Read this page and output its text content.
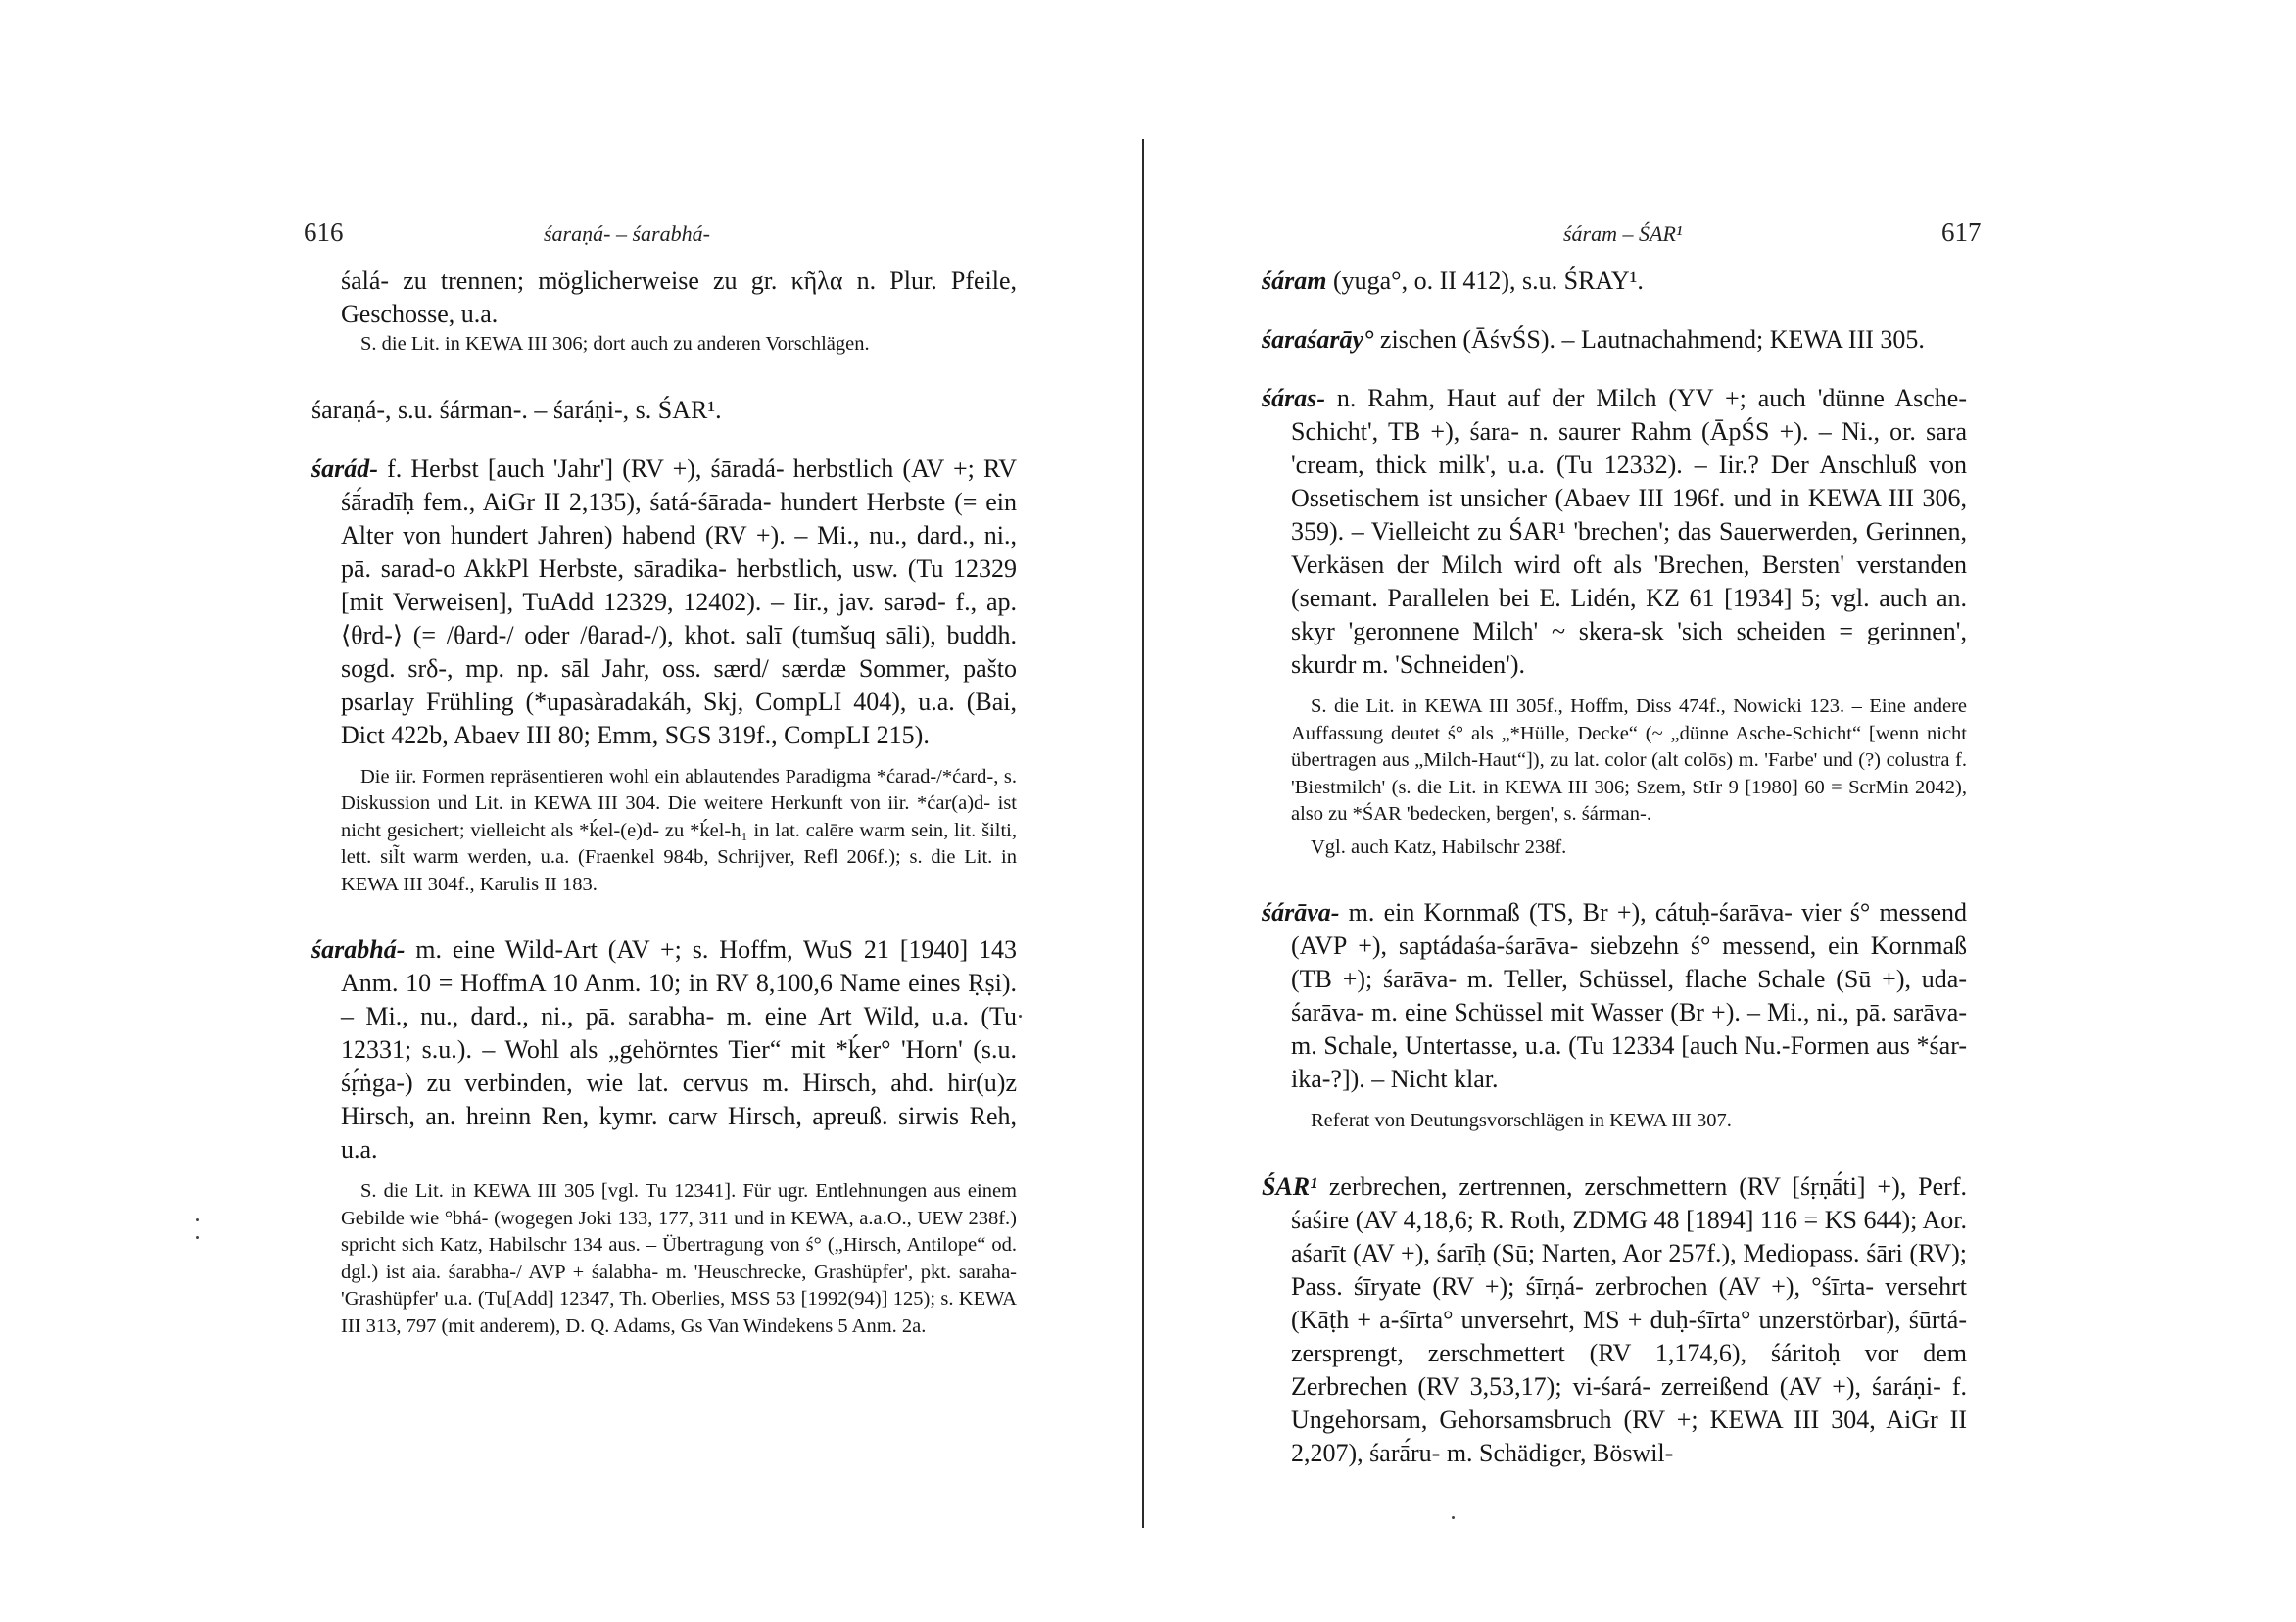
616	śaraṇá- – śarabhá-

śalá- zu trennen; möglicherweise zu gr. κῆλα n. Plur. Pfeile, Geschosse, u.a.

S. die Lit. in KEWA III 306; dort auch zu anderen Vorschlägen.

śaraṇá-, s.u. śárman-. – śaráṇi-, s. ŚAR¹.

śarád- f. Herbst [auch 'Jahr'] (RV +), śāradá- herbstlich (AV +; RV śā́radīḥ fem., AiGr II 2,135), śatá-śārada- hundert Herbste (= ein Alter von hundert Jahren) habend (RV +). – Mi., nu., dard., ni., pā. sarad-o AkkPl Herbste, sāradika- herbstlich, usw. (Tu 12329 [mit Verweisen], TuAdd 12329, 12402). – Iir., jav. sarəd- f., ap. ⟨θrd-⟩ (= /θard-/ oder /θarad-/), khot. salī (tumšuq sāli), buddh. sogd. srδ-, mp. np. sāl Jahr, oss. særd/ særdæ Sommer, pašto psarlay Frühling (*upasàradakáh, Skj, CompLI 404), u.a. (Bai, Dict 422b, Abaev III 80; Emm, SGS 319f., CompLI 215).

Die iir. Formen repräsentieren wohl ein ablautendes Paradigma *ćarad-/*ćard-, s. Diskussion und Lit. in KEWA III 304. Die weitere Herkunft von iir. *ćar(a)d- ist nicht gesichert; vielleicht als *ḱel-(e)d- zu *ḱel-h₁ in lat. calēre warm sein, lit. šilti, lett. sil̃t warm werden, u.a. (Fraenkel 984b, Schrijver, Refl 206f.); s. die Lit. in KEWA III 304f., Karulis II 183.

śarabhá- m. eine Wild-Art (AV +; s. Hoffm, WuS 21 [1940] 143 Anm. 10 = HoffmA 10 Anm. 10; in RV 8,100,6 Name eines Ṛṣi). – Mi., nu., dard., ni., pā. sarabha- m. eine Art Wild, u.a. (Tu 12331; s.u.). – Wohl als „gehörntes Tier“ mit *ḱer° 'Horn' (s.u. śṛ́ṅga-) zu verbinden, wie lat. cervus m. Hirsch, ahd. hir(u)z Hirsch, an. hreinn Ren, kymr. carw Hirsch, apreuß. sirwis Reh, u.a.

S. die Lit. in KEWA III 305 [vgl. Tu 12341]. Für ugr. Entlehnungen aus einem Gebilde wie °bhá- (wogegen Joki 133, 177, 311 und in KEWA, a.a.O., UEW 238f.) spricht sich Katz, Habilschr 134 aus. – Übertragung von ś° („Hirsch, Antilope“ od. dgl.) ist aia. śarabha-/ AVP + śalabha- m. 'Heuschrecke, Grashüpfer', pkt. saraha- 'Grashüpfer' u.a. (Tu[Add] 12347, Th. Oberlies, MSS 53 [1992(94)] 125); s. KEWA III 313, 797 (mit anderem), D. Q. Adams, Gs Van Windekens 5 Anm. 2a.

śáram – ŚAR¹	617

śáram (yuga°, o. II 412), s.u. ŚRAY¹.

śaraśarāy° zischen (ĀśvŚS). – Lautnachahmend; KEWA III 305.

śáras- n. Rahm, Haut auf der Milch (YV +; auch 'dünne Asche-Schicht', TB +), śara- n. saurer Rahm (ĀpŚS +). – Ni., or. sara 'cream, thick milk', u.a. (Tu 12332). – Iir.? Der Anschluß von Ossetischem ist unsicher (Abaev III 196f. und in KEWA III 306, 359). – Vielleicht zu ŚAR¹ 'brechen'; das Sauerwerden, Gerinnen, Verkäsen der Milch wird oft als 'Brechen, Bersten' verstanden (semant. Parallelen bei E. Lidén, KZ 61 [1934] 5; vgl. auch an. skyr 'geronnene Milch' ~ skera-sk 'sich scheiden = gerinnen', skurdr m. 'Schneiden').

S. die Lit. in KEWA III 305f., Hoffm, Diss 474f., Nowicki 123. – Eine andere Auffassung deutet ś° als „*Hülle, Decke“ (~ „dünne Asche-Schicht“ [wenn nicht übertragen aus „Milch-Haut“]), zu lat. color (alt colōs) m. 'Farbe' und (?) colustra f. 'Biestmilch' (s. die Lit. in KEWA III 306; Szem, StIr 9 [1980] 60 = ScrMin 2042), also zu *ŚAR 'bedecken, bergen', s. śárman-.

Vgl. auch Katz, Habilschr 238f.

śárāva- m. ein Kornmaß (TS, Br +), cátuḥ-śarāva- vier ś° messend (AVP +), saptádaśa-śarāva- siebzehn ś° messend, ein Kornmaß (TB +); śarāva- m. Teller, Schüssel, flache Schale (Sū +), uda-śarāva- m. eine Schüssel mit Wasser (Br +). – Mi., ni., pā. sarāva- m. Schale, Untertasse, u.a. (Tu 12334 [auch Nu.-Formen aus *śar-ika-?]). – Nicht klar.

Referat von Deutungsvorschlägen in KEWA III 307.

ŚAR¹ zerbrechen, zertrennen, zerschmettern (RV [śṛṇā́ti] +), Perf. śaśire (AV 4,18,6; R. Roth, ZDMG 48 [1894] 116 = KS 644); Aor. aśarīt (AV +), śarīḥ (Sū; Narten, Aor 257f.), Mediopass. śāri (RV); Pass. śīryate (RV +); śīrṇá- zerbrochen (AV +), °śīrta- versehrt (Kāṭh + a-śīrta° unversehrt, MS + duḥ-śīrta° unzerstörbar), śūrtá- zersprengt, zerschmettert (RV 1,174,6), śáritoḥ vor dem Zerbrechen (RV 3,53,17); vi-śará- zerreißend (AV +), śaráṇi- f. Ungehorsam, Gehorsamsbruch (RV +; KEWA III 304, AiGr II 2,207), śarā́ru- m. Schädiger, Böswil-
